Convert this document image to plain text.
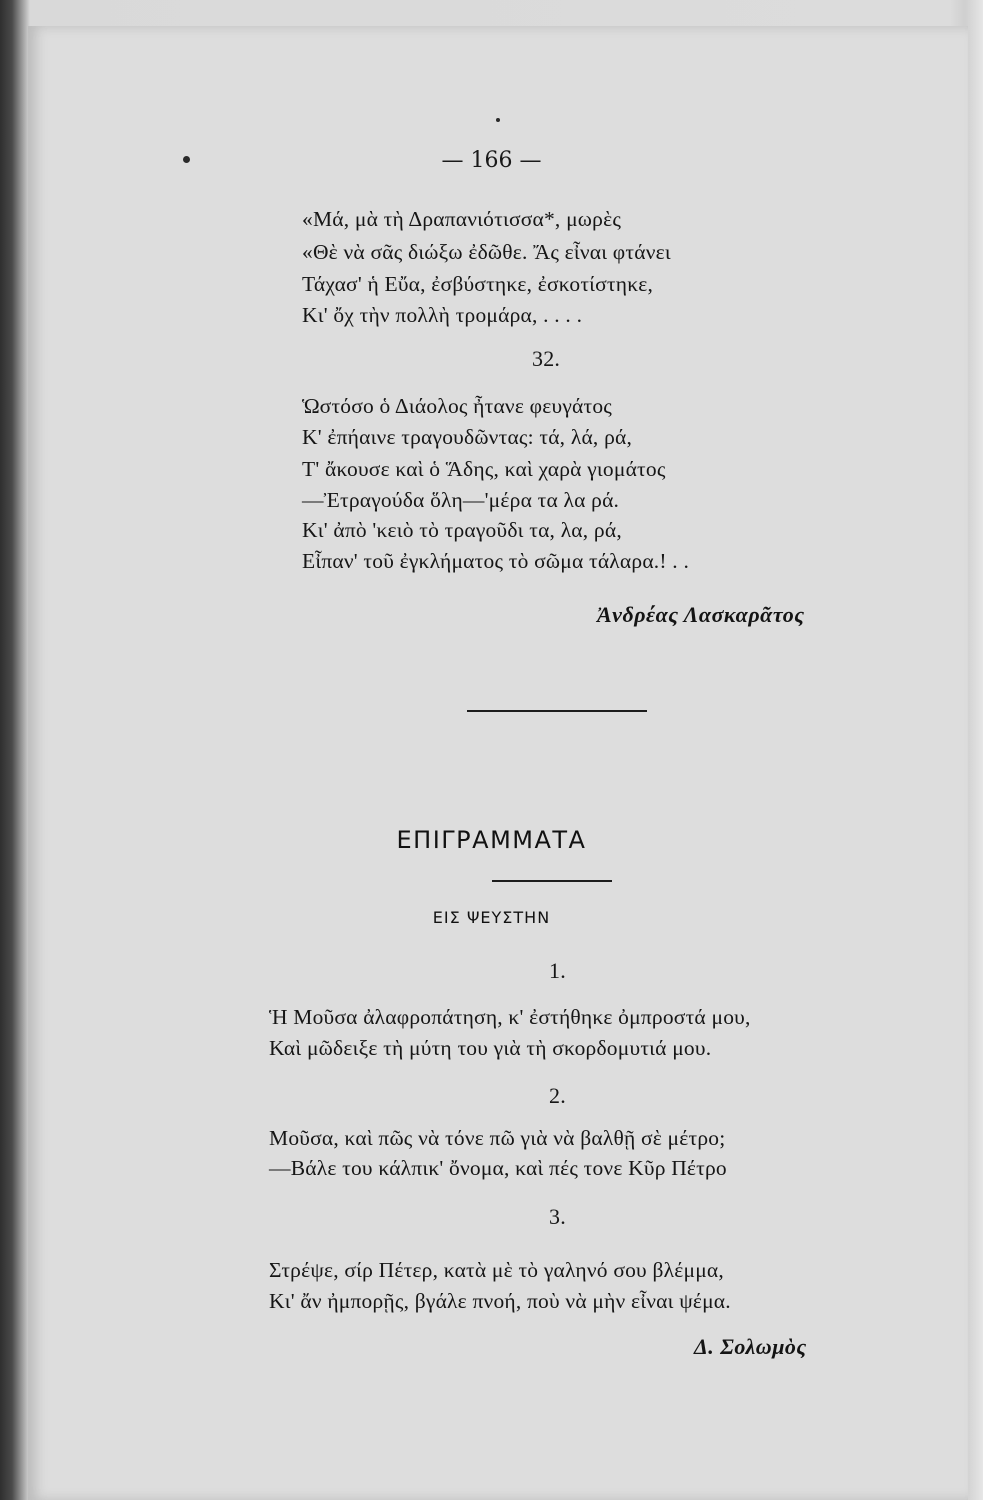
— 166 —
«Μά, μὰ τὴ Δραπανιότισσα*, μωρὲς
«Θὲ νὰ σᾶς διώξω ἐδῶθε. Ἄς εἶναι φτάνει
Τάχασ' ἡ Εὔα, ἐσβύστηκε, ἐσκοτίστηκε,
Κι' ὄχ τὴν πολλὴ τρομάρα, . . . .
32.
Ὡστόσο ὁ Διάολος ἦτανε φευγάτος
Κ' ἐπήαινε τραγουδῶντας: τά, λά, ρά,
Τ' ἄκουσε καὶ ὁ Ἅδης, καὶ χαρὰ γιομάτος
—Ἐτραγούδα ὅλη—'μέρα τα λα ρά.
Κι' ἀπὸ 'κειὸ τὸ τραγοῦδι τα, λα, ρά,
Εἶπαν' τοῦ ἐγκλήματος τὸ σῶμα τάλαρα.! . .
Ἀνδρέας Λασκαρᾶτος
ΕΠΙΓΡΑΜΜΑΤΑ
ΕΙΣ ΨΕΥΣΤΗΝ
1.
Ἡ Μοῦσα ἀλαφροπάτηση, κ' ἐστήθηκε ὀμπροστά μου,
Καὶ μῶδειξε τὴ μύτη του γιὰ τὴ σκορδομυτιά μου.
2.
Μοῦσα, καὶ πῶς νὰ τόνε πῶ γιὰ νὰ βαλθῇ σὲ μέτρο;
—Βάλε του κάλπικ' ὄνομα, καὶ πές τονε Κῦρ Πέτρο
3.
Στρέψε, σίρ Πέτερ, κατὰ μὲ τὸ γαληνό σου βλέμμα,
Κι' ἄν ἠμπορῇς, βγάλε πνοή, ποὺ νὰ μὴν εἶναι ψέμα.
Δ. Σολωμὸς
